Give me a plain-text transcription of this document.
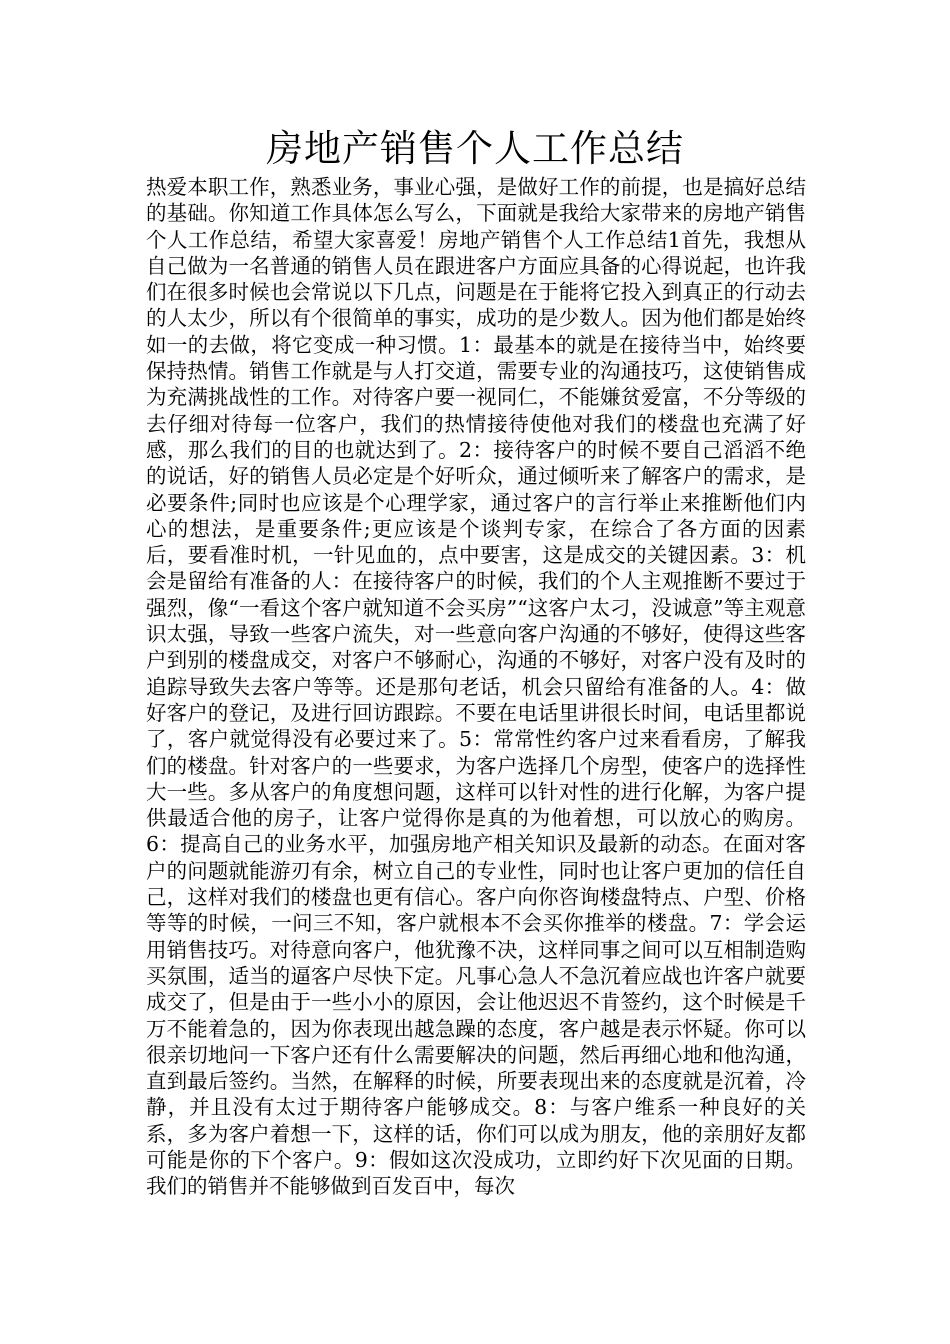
房地产销售个人工作总结

热爱本职工作，熟悉业务，事业心强，是做好工作的前提，也是搞好总结的基础。你知道工作具体怎么写么，下面就是我给大家带来的房地产销售个人工作总结，希望大家喜爱！房地产销售个人工作总结1首先，我想从自己做为一名普通的销售人员在跟进客户方面应具备的心得说起，也许我们在很多时候也会常说以下几点，问题是在于能将它投入到真正的行动去的人太少，所以有个很简单的事实，成功的是少数人。因为他们都是始终如一的去做，将它变成一种习惯。1：最基本的就是在接待当中，始终要保持热情。销售工作就是与人打交道，需要专业的沟通技巧，这使销售成为充满挑战性的工作。对待客户要一视同仁，不能嫌贫爱富，不分等级的去仔细对待每一位客户，我们的热情接待使他对我们的楼盘也充满了好感，那么我们的目的也就达到了。2：接待客户的时候不要自己滔滔不绝的说话，好的销售人员必定是个好听众，通过倾听来了解客户的需求，是必要条件;同时也应该是个心理学家，通过客户的言行举止来推断他们内心的想法，是重要条件;更应该是个谈判专家，在综合了各方面的因素后，要看准时机，一针见血的，点中要害，这是成交的关键因素。3：机会是留给有准备的人：在接待客户的时候，我们的个人主观推断不要过于强烈，像“一看这个客户就知道不会买房”“这客户太刁，没诚意”等主观意识太强，导致一些客户流失，对一些意向客户沟通的不够好，使得这些客户到别的楼盘成交，对客户不够耐心，沟通的不够好，对客户没有及时的追踪导致失去客户等等。还是那句老话，机会只留给有准备的人。4：做好客户的登记，及进行回访跟踪。不要在电话里讲很长时间，电话里都说了，客户就觉得没有必要过来了。5：常常性约客户过来看看房，了解我们的楼盘。针对客户的一些要求，为客户选择几个房型，使客户的选择性大一些。多从客户的角度想问题，这样可以针对性的进行化解，为客户提供最适合他的房子，让客户觉得你是真的为他着想，可以放心的购房。6：提高自己的业务水平，加强房地产相关知识及最新的动态。在面对客户的问题就能游刃有余，树立自己的专业性，同时也让客户更加的信任自己，这样对我们的楼盘也更有信心。客户向你咨询楼盘特点、户型、价格等等的时候，一问三不知，客户就根本不会买你推举的楼盘。7：学会运用销售技巧。对待意向客户，他犹豫不决，这样同事之间可以互相制造购买氛围，适当的逼客户尽快下定。凡事心急人不急沉着应战也许客户就要成交了，但是由于一些小小的原因，会让他迟迟不肯签约，这个时候是千万不能着急的，因为你表现出越急躁的态度，客户越是表示怀疑。你可以很亲切地问一下客户还有什么需要解决的问题，然后再细心地和他沟通，直到最后签约。当然，在解释的时候，所要表现出来的态度就是沉着，冷静，并且没有太过于期待客户能够成交。8：与客户维系一种良好的关系，多为客户着想一下，这样的话，你们可以成为朋友，他的亲朋好友都可能是你的下个客户。9：假如这次没成功，立即约好下次见面的日期。我们的销售并不能够做到百发百中，每次
